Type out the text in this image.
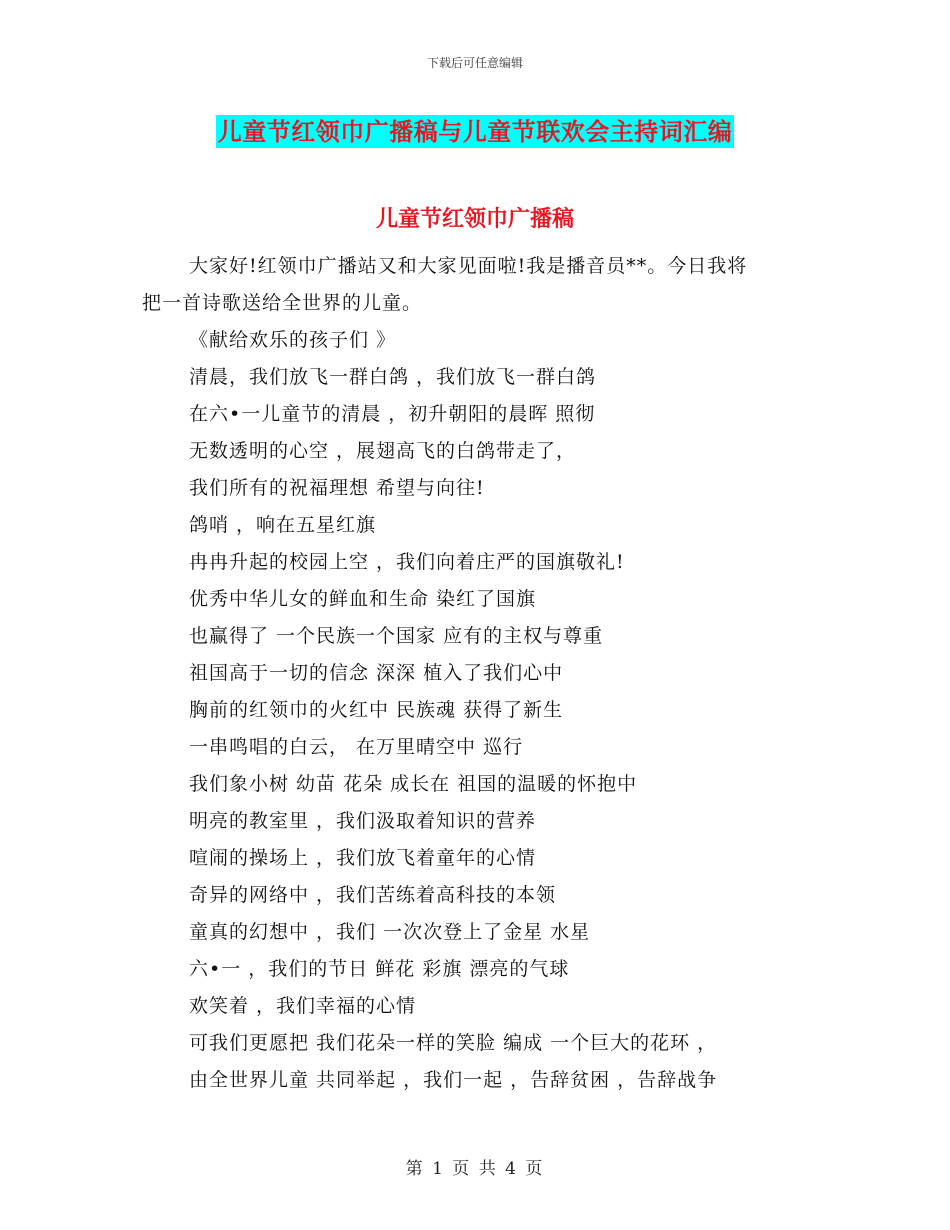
下载后可任意编辑
儿童节红领巾广播稿与儿童节联欢会主持词汇编
儿童节红领巾广播稿
大家好!红领巾广播站又和大家见面啦!我是播音员**。今日我将
把一首诗歌送给全世界的儿童。
《献给欢乐的孩子们 》
清晨，我们放飞一群白鸽 ，我们放飞一群白鸽
在六•一儿童节的清晨 ，初升朝阳的晨晖 照彻
无数透明的心空 ，展翅高飞的白鸽带走了，
我们所有的祝福理想 希望与向往!
鸽哨 ，响在五星红旗
冉冉升起的校园上空 ，我们向着庄严的国旗敬礼!
优秀中华儿女的鲜血和生命 染红了国旗
也赢得了 一个民族一个国家 应有的主权与尊重
祖国高于一切的信念 深深 植入了我们心中
胸前的红领巾的火红中 民族魂 获得了新生
一串鸣唱的白云， 在万里晴空中 巡行
我们象小树 幼苗 花朵 成长在 祖国的温暖的怀抱中
明亮的教室里 ，我们汲取着知识的营养
喧闹的操场上 ，我们放飞着童年的心情
奇异的网络中 ，我们苦练着高科技的本领
童真的幻想中 ，我们 一次次登上了金星 水星
六•一 ，我们的节日 鲜花 彩旗 漂亮的气球
欢笑着 ，我们幸福的心情
可我们更愿把 我们花朵一样的笑脸 编成 一个巨大的花环 ，
由全世界儿童 共同举起 ，我们一起 ，告辞贫困 ，告辞战争
第 1 页 共 4 页
